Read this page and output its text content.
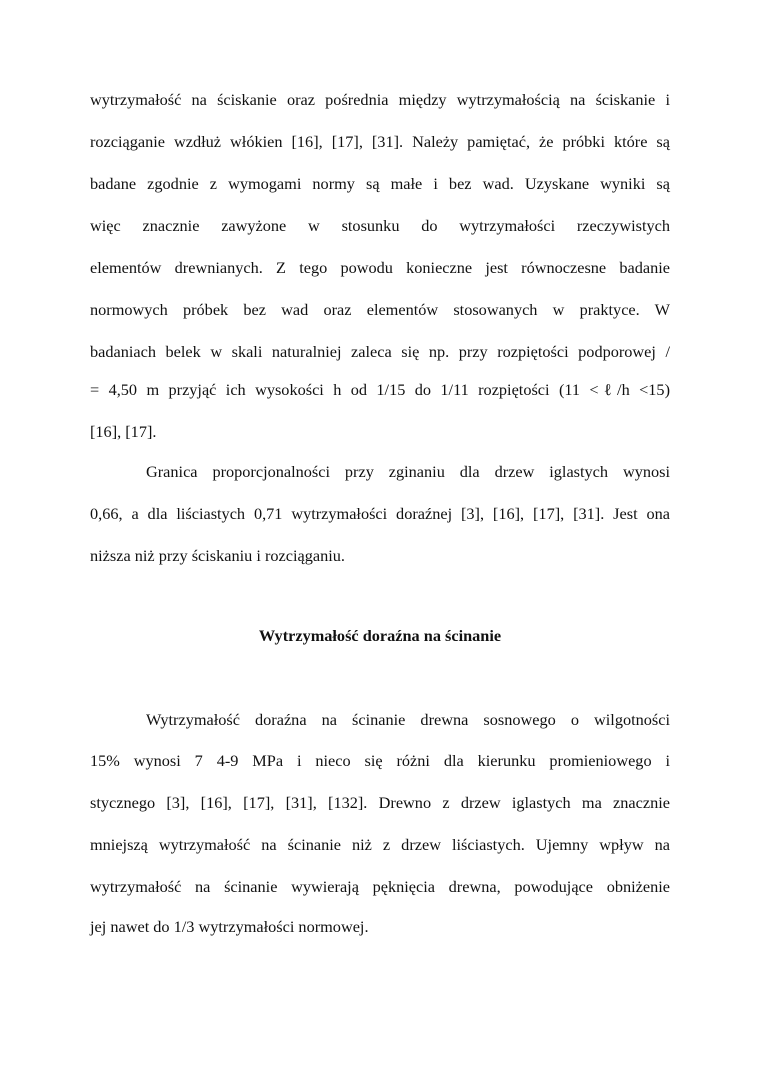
wytrzymałość na ściskanie oraz pośrednia między wytrzymałością na ściskanie i
rozciąganie wzdłuż włókien [16], [17], [31]. Należy pamiętać, że próbki które są
badane zgodnie z wymogami normy są małe i bez wad. Uzyskane wyniki są
więc znacznie zawyżone w stosunku do wytrzymałości rzeczywistych
elementów drewnianych. Z tego powodu konieczne jest równoczesne badanie
normowych próbek bez wad oraz elementów stosowanych w praktyce. W
badaniach belek w skali naturalniej zaleca się np. przy rozpiętości podporowej /
= 4,50 m przyjąć ich wysokości h od 1/15 do 1/11 rozpiętości (11 <ℓ/h <15)
[16], [17].
Granica proporcjonalności przy zginaniu dla drzew iglastych wynosi
0,66, a dla liściastych 0,71 wytrzymałości doraźnej [3], [16], [17], [31]. Jest ona
niższa niż przy ściskaniu i rozciąganiu.
Wytrzymałość doraźna na ścinanie
Wytrzymałość doraźna na ścinanie drewna sosnowego o wilgotności
15% wynosi 7 4-9 MPa i nieco się różni dla kierunku promieniowego i
stycznego [3], [16], [17], [31], [132]. Drewno z drzew iglastych ma znacznie
mniejszą wytrzymałość na ścinanie niż z drzew liściastych. Ujemny wpływ na
wytrzymałość na ścinanie wywierają pęknięcia drewna, powodujące obniżenie
jej nawet do 1/3 wytrzymałości normowej.
